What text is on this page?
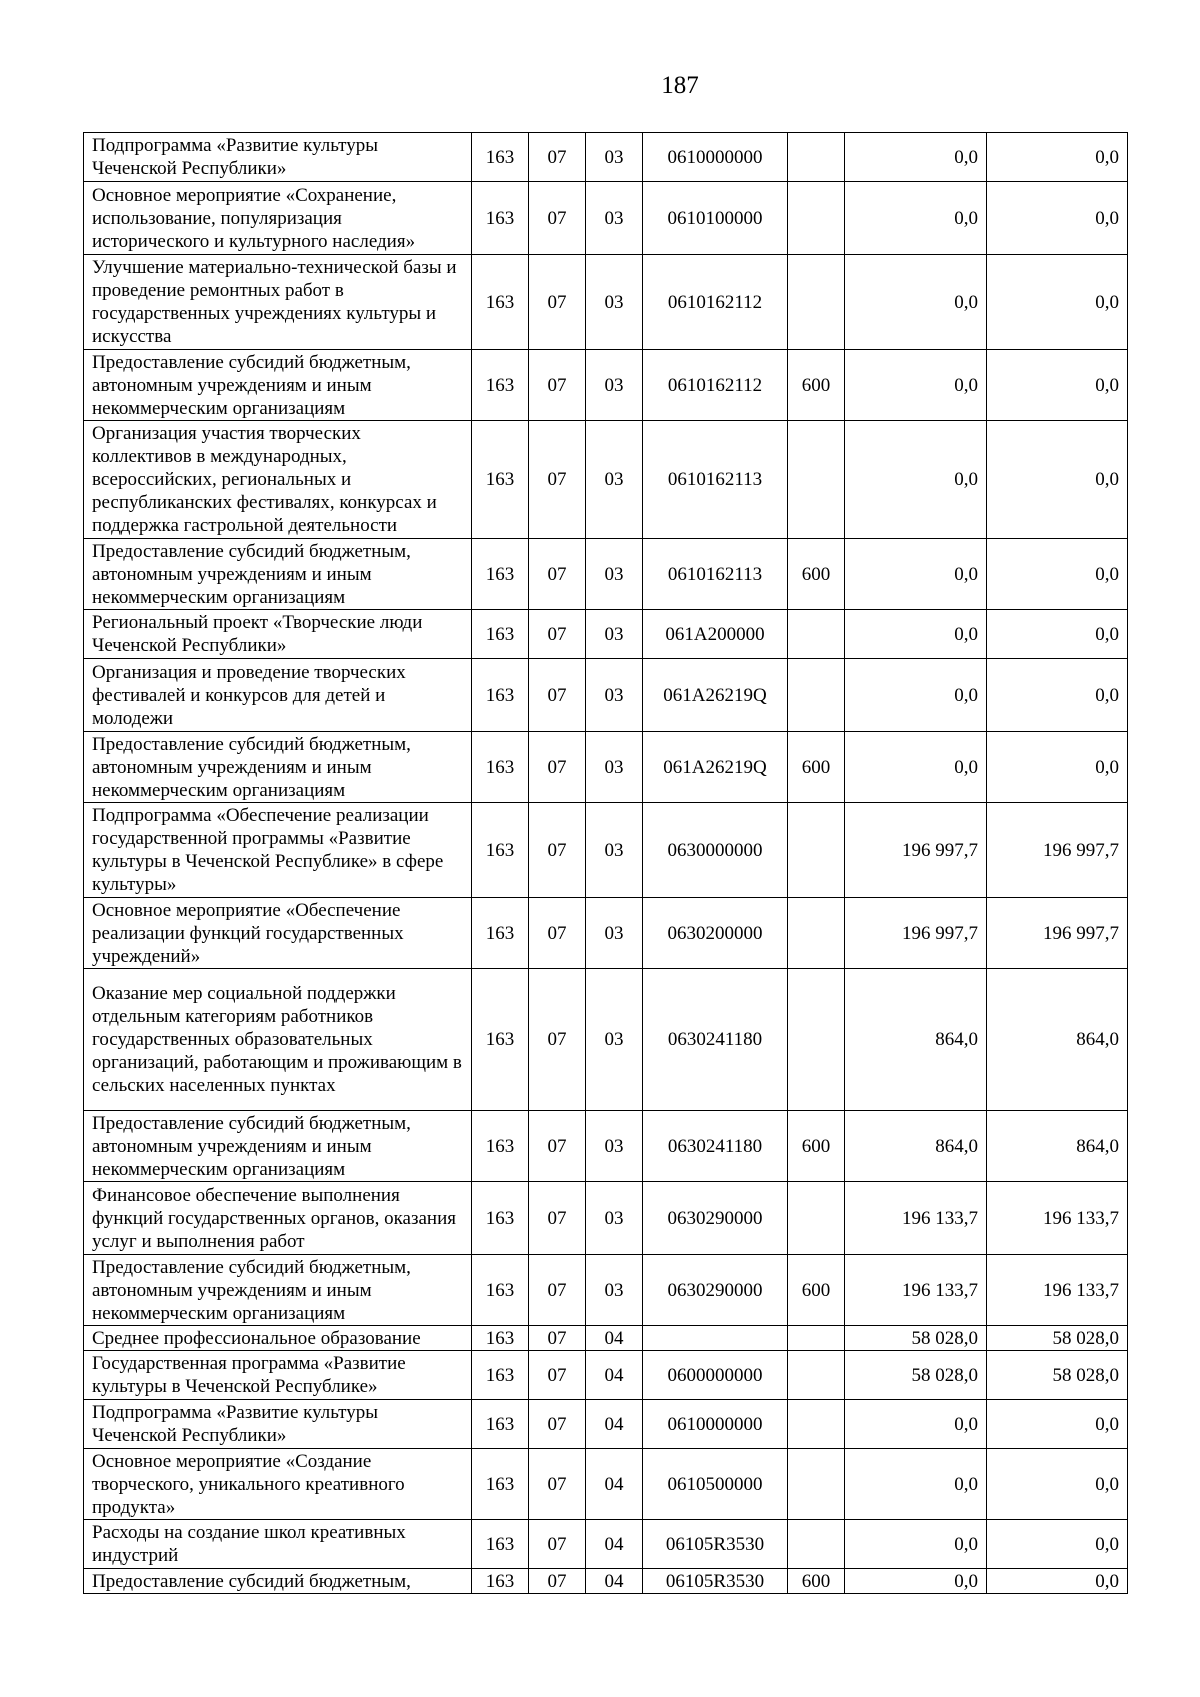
187
Подпрограмма «Развитие культуры Чеченской Республики»	163	07	03	0610000000		0,0	0,0
Основное мероприятие «Сохранение, использование, популяризация исторического и культурного наследия»	163	07	03	0610100000		0,0	0,0
Улучшение материально-технической базы и проведение ремонтных работ в государственных учреждениях культуры и искусства	163	07	03	0610162112		0,0	0,0
Предоставление субсидий бюджетным, автономным учреждениям и иным некоммерческим организациям	163	07	03	0610162112	600	0,0	0,0
Организация участия творческих коллективов в международных, всероссийских, региональных и республиканских фестивалях, конкурсах и поддержка гастрольной деятельности	163	07	03	0610162113		0,0	0,0
Предоставление субсидий бюджетным, автономным учреждениям и иным некоммерческим организациям	163	07	03	0610162113	600	0,0	0,0
Региональный проект «Творческие люди Чеченской Республики»	163	07	03	061A200000		0,0	0,0
Организация и проведение творческих фестивалей и конкурсов для детей и молодежи	163	07	03	061A26219Q		0,0	0,0
Предоставление субсидий бюджетным, автономным учреждениям и иным некоммерческим организациям	163	07	03	061A26219Q	600	0,0	0,0
Подпрограмма «Обеспечение реализации государственной программы «Развитие культуры в Чеченской Республике» в сфере культуры»	163	07	03	0630000000		196 997,7	196 997,7
Основное мероприятие «Обеспечение реализации функций государственных учреждений»	163	07	03	0630200000		196 997,7	196 997,7
Оказание мер социальной поддержки отдельным категориям работников государственных образовательных организаций, работающим и проживающим в сельских населенных пунктах	163	07	03	0630241180		864,0	864,0
Предоставление субсидий бюджетным, автономным учреждениям и иным некоммерческим организациям	163	07	03	0630241180	600	864,0	864,0
Финансовое обеспечение выполнения функций государственных органов, оказания услуг и выполнения работ	163	07	03	0630290000		196 133,7	196 133,7
Предоставление субсидий бюджетным, автономным учреждениям и иным некоммерческим организациям	163	07	03	0630290000	600	196 133,7	196 133,7
Среднее профессиональное образование	163	07	04			58 028,0	58 028,0
Государственная программа «Развитие культуры в Чеченской Республике»	163	07	04	0600000000		58 028,0	58 028,0
Подпрограмма «Развитие культуры Чеченской Республики»	163	07	04	0610000000		0,0	0,0
Основное мероприятие «Создание творческого, уникального креативного продукта»	163	07	04	0610500000		0,0	0,0
Расходы на создание школ креативных индустрий	163	07	04	06105R3530		0,0	0,0
Предоставление субсидий бюджетным,	163	07	04	06105R3530	600	0,0	0,0
